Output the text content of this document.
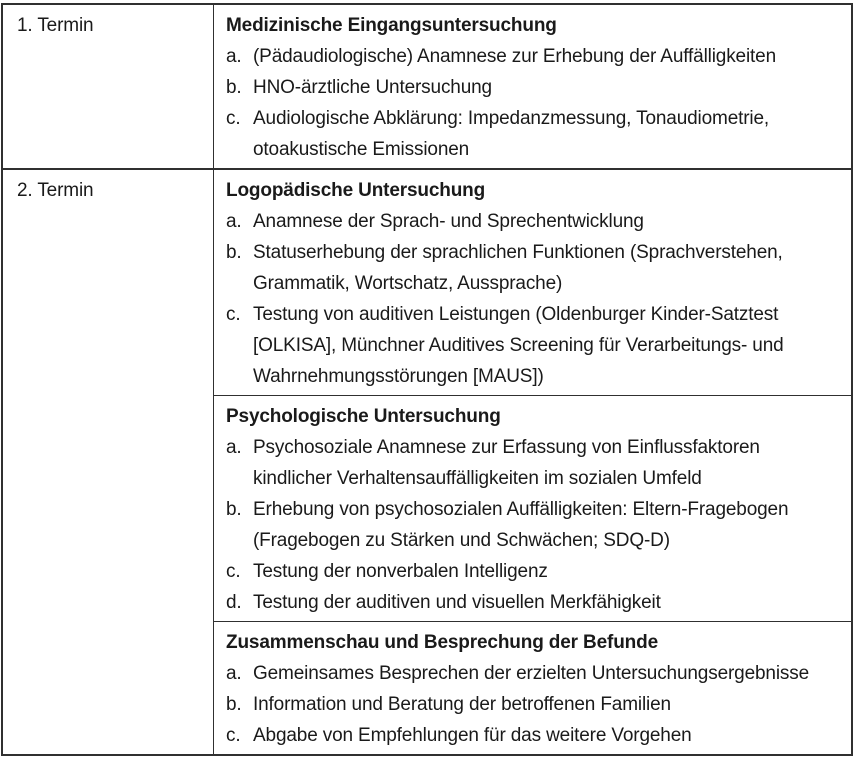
1. Termin	Medizinische Eingangsuntersuchung
a. (Pädaudiologische) Anamnese zur Erhebung der Auffälligkeiten
b. HNO-ärztliche Untersuchung
c. Audiologische Abklärung: Impedanzmessung, Tonaudiometrie, otoakustische Emissionen
2. Termin	Logopädische Untersuchung
a. Anamnese der Sprach- und Sprechentwicklung
b. Statuserhebung der sprachlichen Funktionen (Sprachverstehen, Grammatik, Wortschatz, Aussprache)
c. Testung von auditiven Leistungen (Oldenburger Kinder-Satztest [OLKISA], Münchner Auditives Screening für Verarbeitungs- und Wahrnehmungsstörungen [MAUS])
Psychologische Untersuchung
a. Psychosoziale Anamnese zur Erfassung von Einflussfaktoren kindlicher Verhaltensauffälligkeiten im sozialen Umfeld
b. Erhebung von psychosozialen Auffälligkeiten: Eltern-Fragebogen (Fragebogen zu Stärken und Schwächen; SDQ-D)
c. Testung der nonverbalen Intelligenz
d. Testung der auditiven und visuellen Merkfähigkeit
Zusammenschau und Besprechung der Befunde
a. Gemeinsames Besprechen der erzielten Untersuchungsergebnisse
b. Information und Beratung der betroffenen Familien
c. Abgabe von Empfehlungen für das weitere Vorgehen
